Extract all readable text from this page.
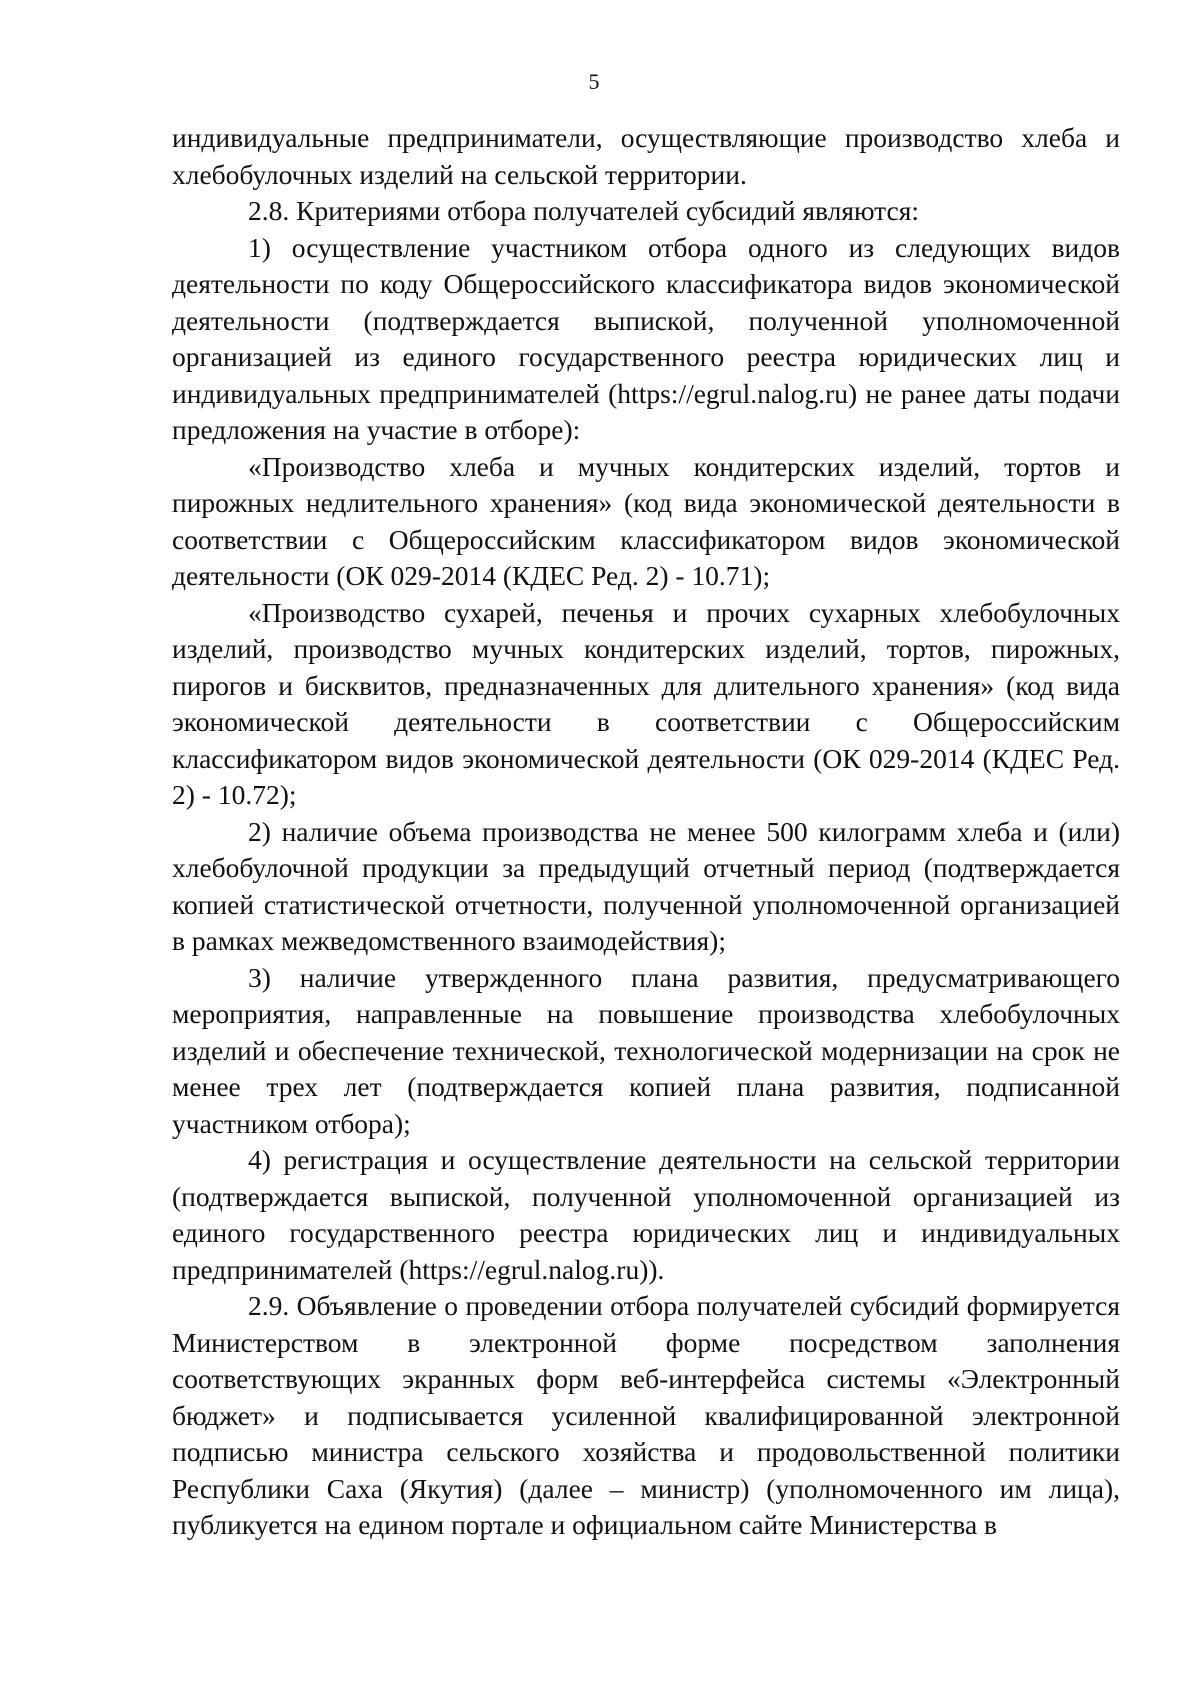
5

индивидуальные предприниматели, осуществляющие производство хлеба и хлебобулочных изделий на сельской территории.

2.8. Критериями отбора получателей субсидий являются:

1) осуществление участником отбора одного из следующих видов деятельности по коду Общероссийского классификатора видов экономической деятельности (подтверждается выпиской, полученной уполномоченной организацией из единого государственного реестра юридических лиц и индивидуальных предпринимателей (https://egrul.nalog.ru) не ранее даты подачи предложения на участие в отборе):

«Производство хлеба и мучных кондитерских изделий, тортов и пирожных недлительного хранения» (код вида экономической деятельности в соответствии с Общероссийским классификатором видов экономической деятельности (ОК 029-2014 (КДЕС Ред. 2) - 10.71);

«Производство сухарей, печенья и прочих сухарных хлебобулочных изделий, производство мучных кондитерских изделий, тортов, пирожных, пирогов и бисквитов, предназначенных для длительного хранения» (код вида экономической деятельности в соответствии с Общероссийским классификатором видов экономической деятельности (ОК 029-2014 (КДЕС Ред. 2) - 10.72);

2) наличие объема производства не менее 500 килограмм хлеба и (или) хлебобулочной продукции за предыдущий отчетный период (подтверждается копией статистической отчетности, полученной уполномоченной организацией в рамках межведомственного взаимодействия);

3) наличие утвержденного плана развития, предусматривающего мероприятия, направленные на повышение производства хлебобулочных изделий и обеспечение технической, технологической модернизации на срок не менее трех лет (подтверждается копией плана развития, подписанной участником отбора);

4) регистрация и осуществление деятельности на сельской территории (подтверждается выпиской, полученной уполномоченной организацией из единого государственного реестра юридических лиц и индивидуальных предпринимателей (https://egrul.nalog.ru)).

2.9. Объявление о проведении отбора получателей субсидий формируется Министерством в электронной форме посредством заполнения соответствующих экранных форм веб-интерфейса системы «Электронный бюджет» и подписывается усиленной квалифицированной электронной подписью министра сельского хозяйства и продовольственной политики Республики Саха (Якутия) (далее – министр) (уполномоченного им лица), публикуется на едином портале и официальном сайте Министерства в
